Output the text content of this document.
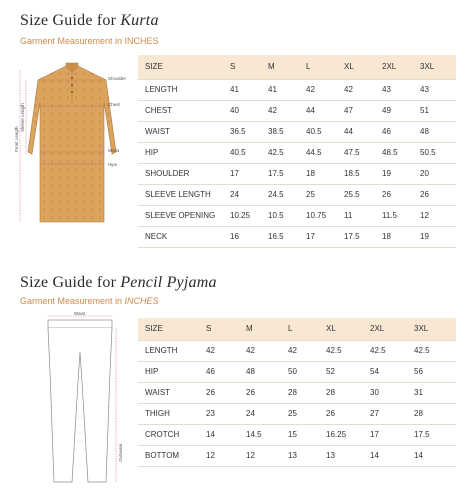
Size Guide for Kurta
Garment Measurement in INCHES
Shoulder
Chest
Waist
Hips
Front Length
Sleeve Length
SIZE	S	M	L	XL	2XL	3XL
LENGTH	41	41	42	42	43	43
CHEST	40	42	44	47	49	51
WAIST	36.5	38.5	40.5	44	46	48
HIP	40.5	42.5	44.5	47.5	48.5	50.5
SHOULDER	17	17.5	18	18.5	19	20
SLEEVE LENGTH	24	24.5	25	25.5	26	26
SLEEVE OPENING	10.25	10.5	10.75	11	11.5	12
NECK	16	16.5	17	17.5	18	19
Size Guide for Pencil Pyjama
Garment Measurement in INCHES
Waist
Outseam
SIZE	S	M	L	XL	2XL	3XL
LENGTH	42	42	42	42.5	42.5	42.5
HIP	46	48	50	52	54	56
WAIST	26	26	28	28	30	31
THIGH	23	24	25	26	27	28
CROTCH	14	14.5	15	16.25	17	17.5
BOTTOM	12	12	13	13	14	14
